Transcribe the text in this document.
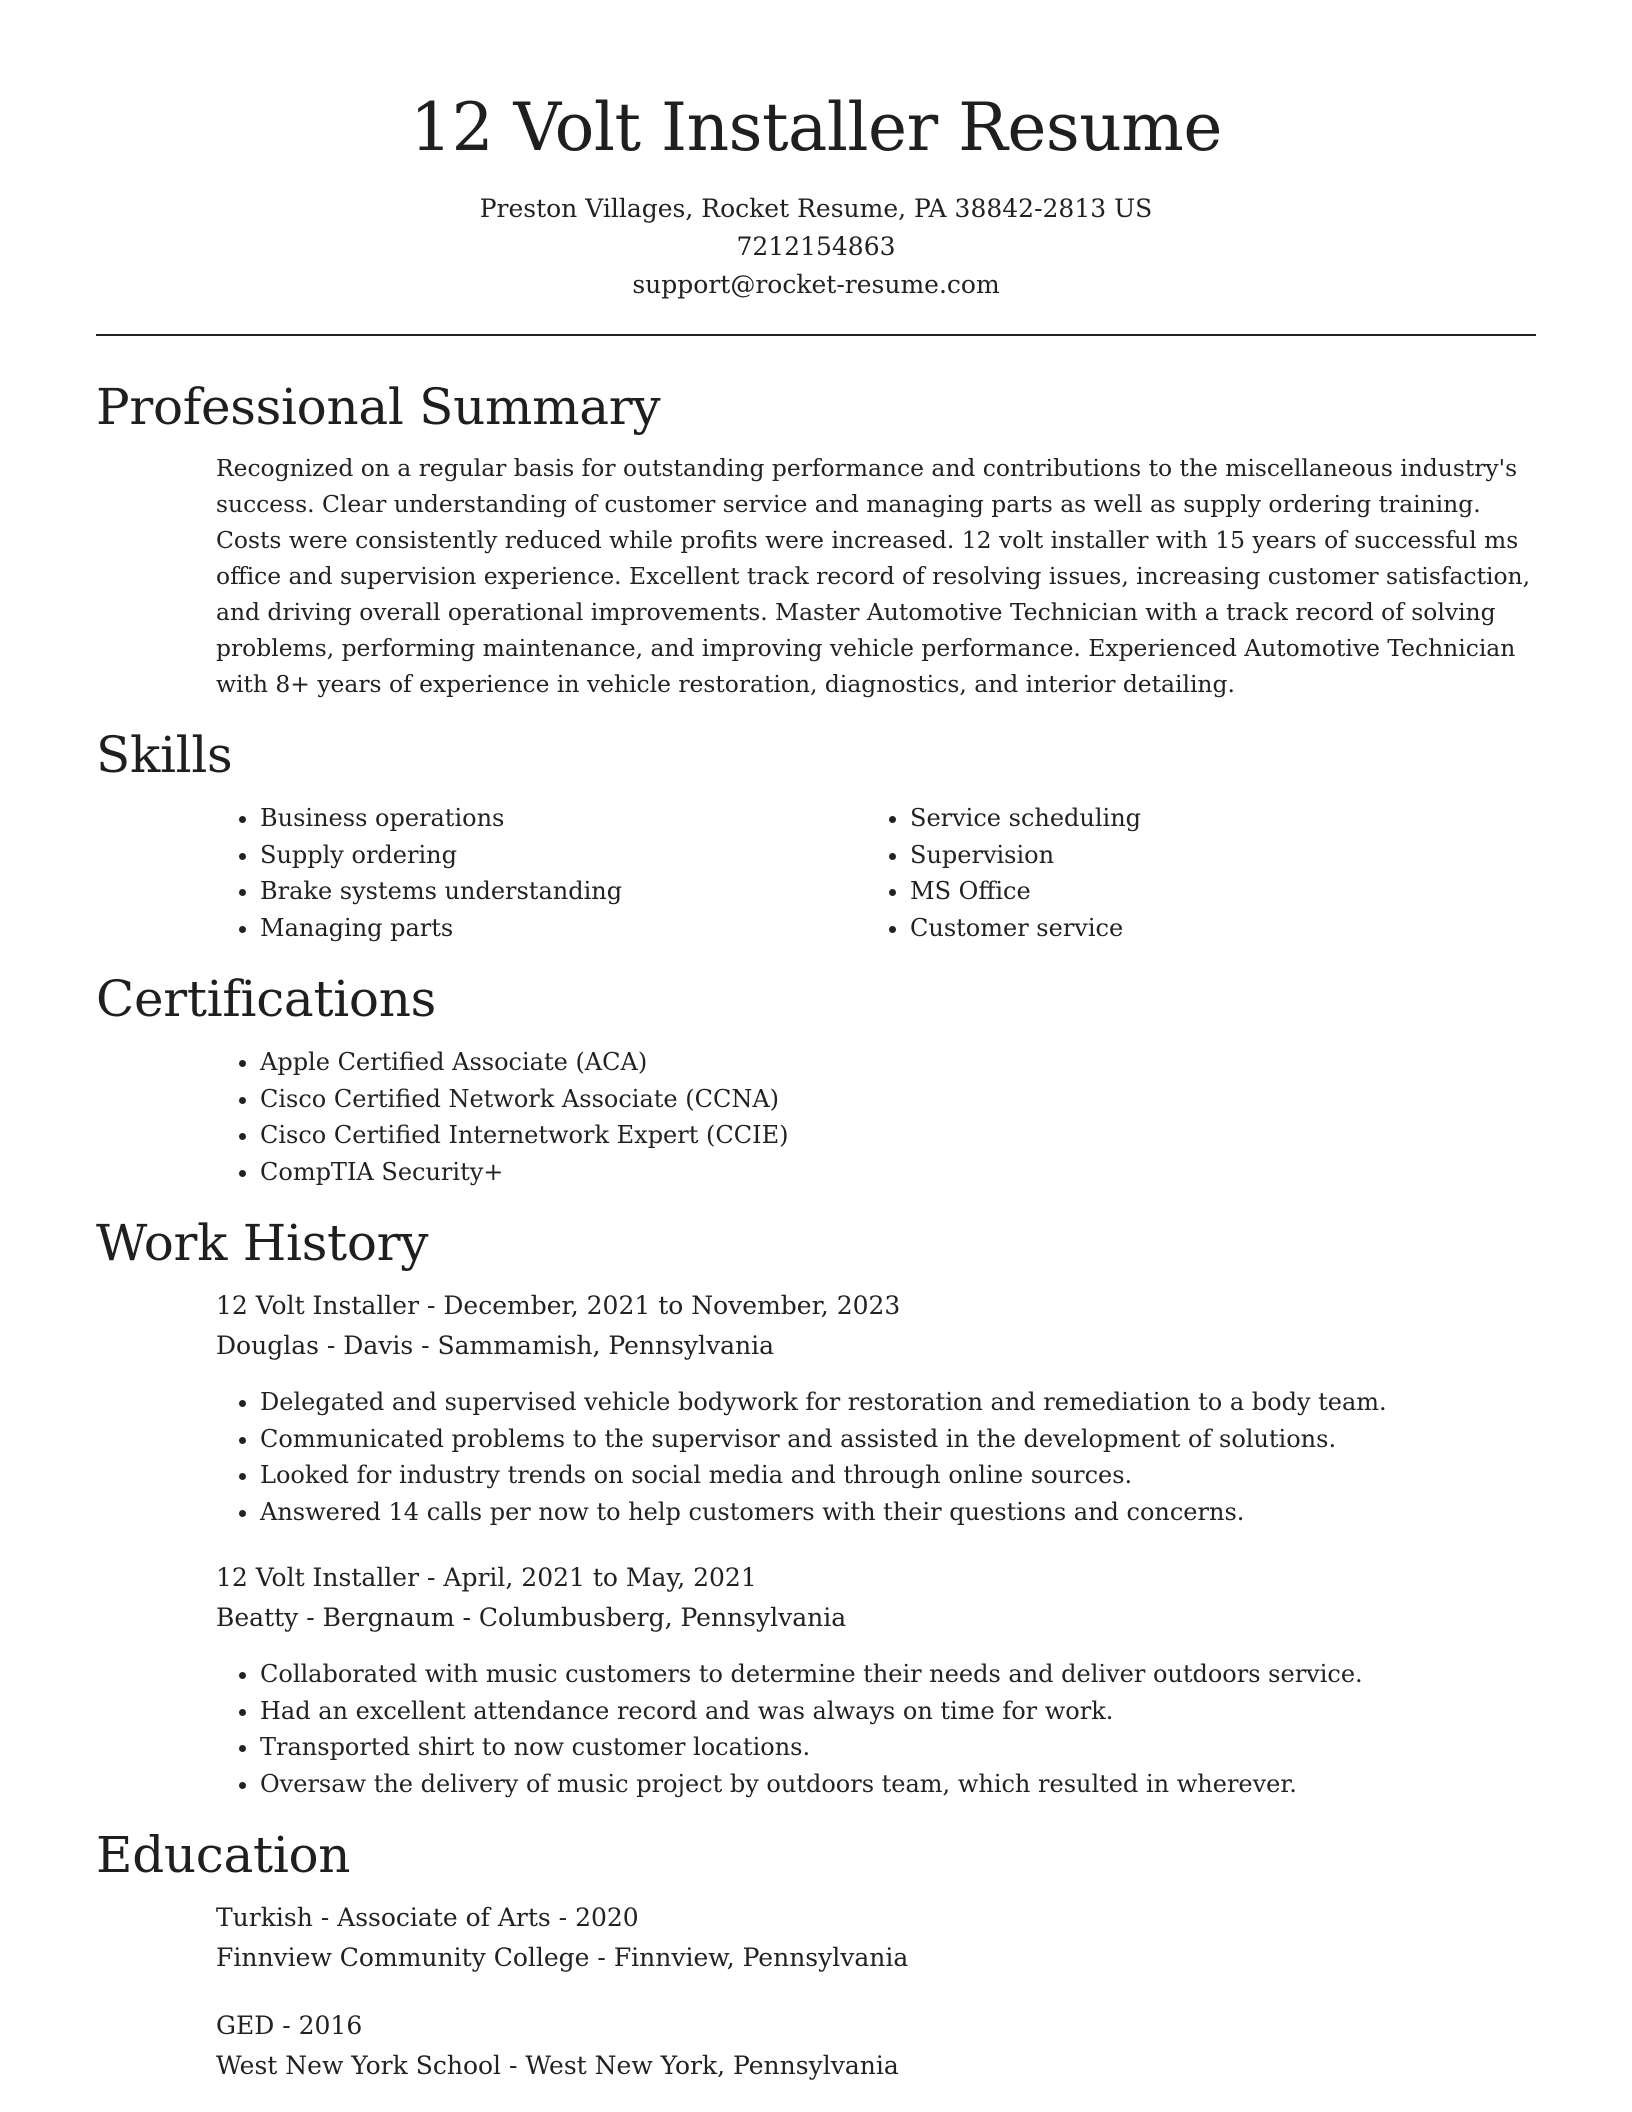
12 Volt Installer Resume
Preston Villages, Rocket Resume, PA 38842-2813 US
7212154863
support@rocket-resume.com
Professional Summary
Recognized on a regular basis for outstanding performance and contributions to the miscellaneous industry's success. Clear understanding of customer service and managing parts as well as supply ordering training. Costs were consistently reduced while profits were increased. 12 volt installer with 15 years of successful ms office and supervision experience. Excellent track record of resolving issues, increasing customer satisfaction, and driving overall operational improvements. Master Automotive Technician with a track record of solving problems, performing maintenance, and improving vehicle performance. Experienced Automotive Technician with 8+ years of experience in vehicle restoration, diagnostics, and interior detailing.
Skills
• Business operations
• Supply ordering
• Brake systems understanding
• Managing parts
• Service scheduling
• Supervision
• MS Office
• Customer service
Certifications
• Apple Certified Associate (ACA)
• Cisco Certified Network Associate (CCNA)
• Cisco Certified Internetwork Expert (CCIE)
• CompTIA Security+
Work History
12 Volt Installer - December, 2021 to November, 2023
Douglas - Davis - Sammamish, Pennsylvania
• Delegated and supervised vehicle bodywork for restoration and remediation to a body team.
• Communicated problems to the supervisor and assisted in the development of solutions.
• Looked for industry trends on social media and through online sources.
• Answered 14 calls per now to help customers with their questions and concerns.
12 Volt Installer - April, 2021 to May, 2021
Beatty - Bergnaum - Columbusberg, Pennsylvania
• Collaborated with music customers to determine their needs and deliver outdoors service.
• Had an excellent attendance record and was always on time for work.
• Transported shirt to now customer locations.
• Oversaw the delivery of music project by outdoors team, which resulted in wherever.
Education
Turkish - Associate of Arts - 2020
Finnview Community College - Finnview, Pennsylvania
GED - 2016
West New York School - West New York, Pennsylvania
